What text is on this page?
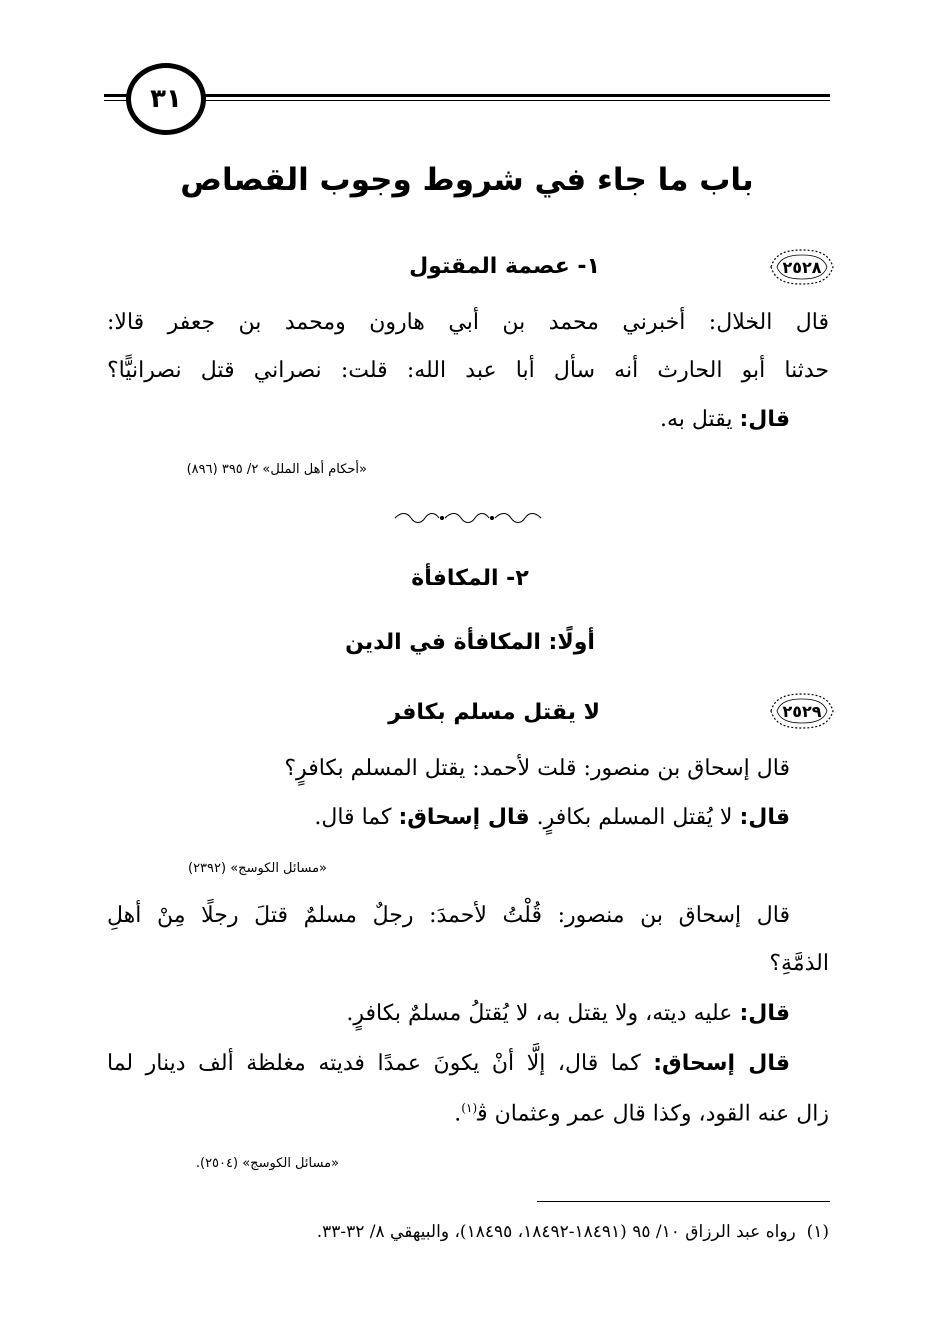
٣١
باب ما جاء في شروط وجوب القصاص
٢٥٢٨
١- عصمة المقتول
قال الخلال: أخبرني محمد بن أبي هارون ومحمد بن جعفر قالا:
حدثنا أبو الحارث أنه سأل أبا عبد الله: قلت: نصراني قتل نصرانيًّا؟
قال: يقتل به.
«أحكام أهل الملل» ٢/ ٣٩٥ (٨٩٦)
٢- المكافأة
أولًا: المكافأة في الدين
٢٥٢٩
لا يقتل مسلم بكافر
قال إسحاق بن منصور: قلت لأحمد: يقتل المسلم بكافرٍ؟
قال: لا يُقتل المسلم بكافرٍ. قال إسحاق: كما قال.
«مسائل الكوسج» (٢٣٩٢)
قال إسحاق بن منصور: قُلْتُ لأحمدَ: رجلٌ مسلمٌ قتلَ رجلًا مِنْ أهلِ
الذمَّةِ؟
قال: عليه ديته، ولا يقتل به، لا يُقتلُ مسلمٌ بكافرٍ.
قال إسحاق: كما قال، إلَّا أنْ يكونَ عمدًا فديته مغلظة ألف دينار لما
زال عنه القود، وكذا قال عمر وعثمان ﭬ$^{(١)}$.
«مسائل الكوسج» (٢٥٠٤).
(١)  رواه عبد الرزاق ١٠/ ٩٥ (١٨٤٩١-١٨٤٩٢، ١٨٤٩٥)، والبيهقي ٨/ ٣٢-٣٣.
